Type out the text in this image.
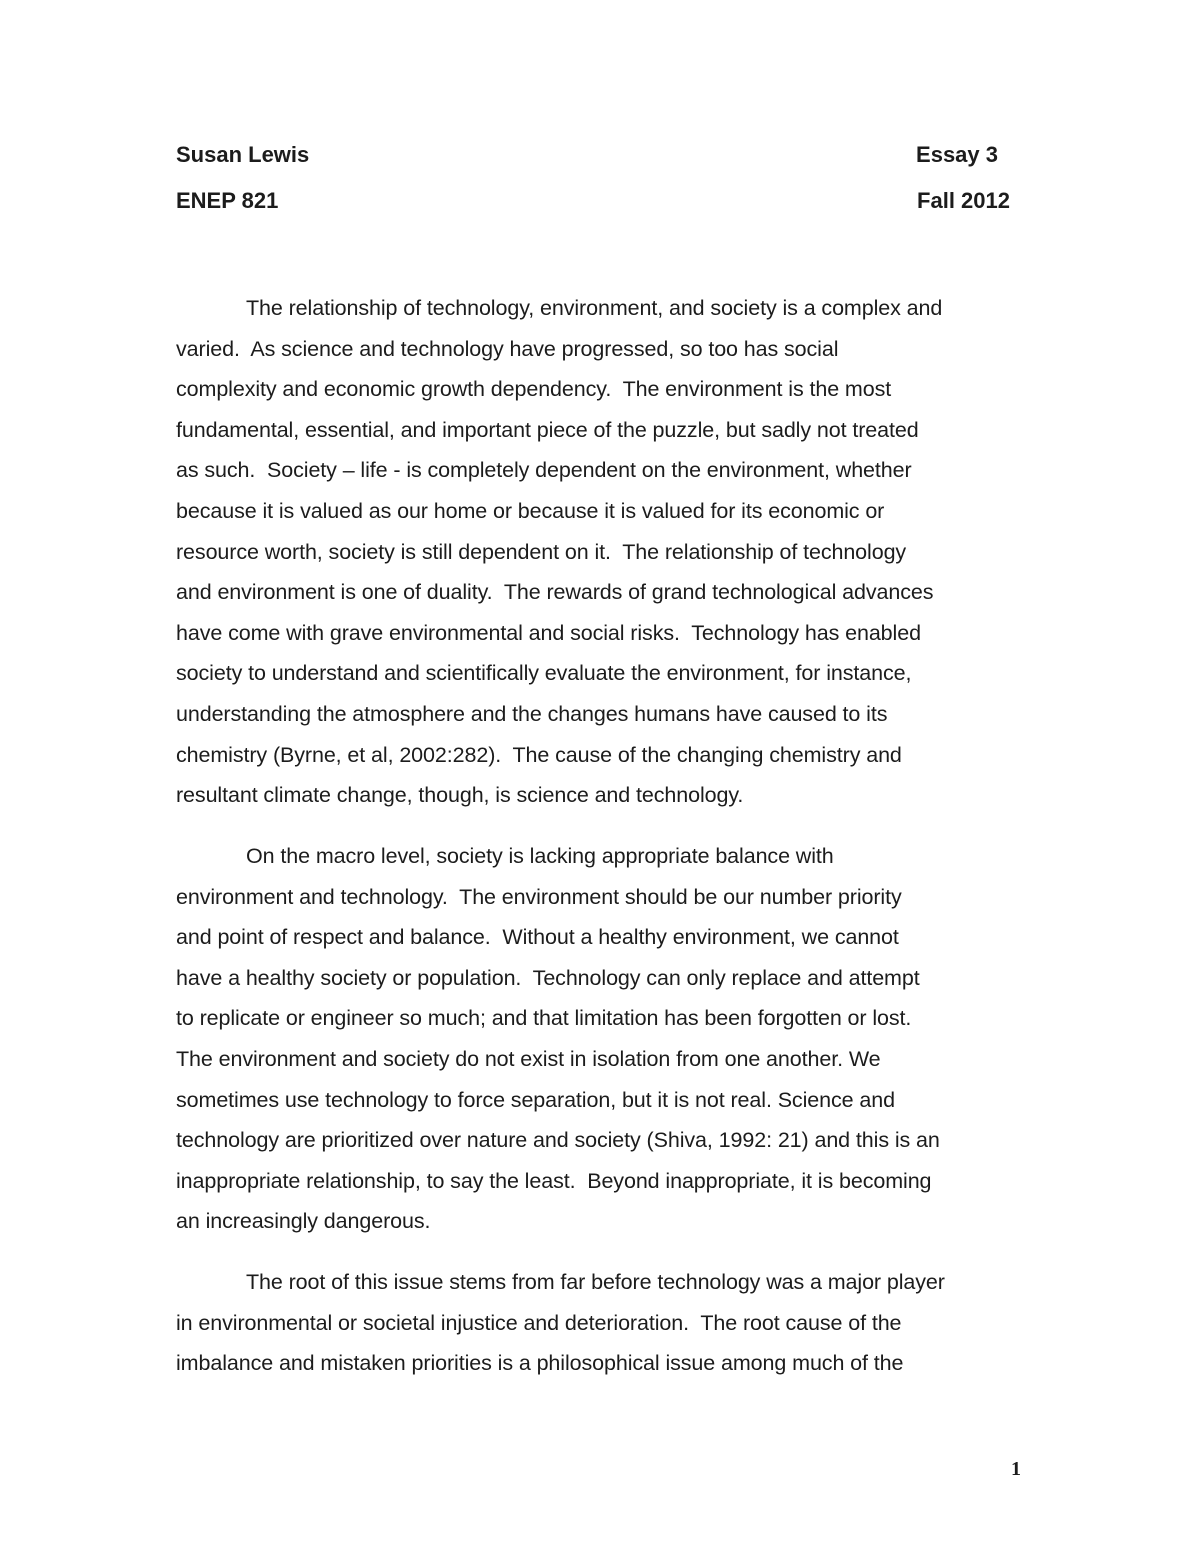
Susan Lewis	Essay 3
ENEP 821	Fall 2012
The relationship of technology, environment, and society is a complex and
varied.  As science and technology have progressed, so too has social
complexity and economic growth dependency.  The environment is the most
fundamental, essential, and important piece of the puzzle, but sadly not treated
as such.  Society – life - is completely dependent on the environment, whether
because it is valued as our home or because it is valued for its economic or
resource worth, society is still dependent on it.  The relationship of technology
and environment is one of duality.  The rewards of grand technological advances
have come with grave environmental and social risks.  Technology has enabled
society to understand and scientifically evaluate the environment, for instance,
understanding the atmosphere and the changes humans have caused to its
chemistry (Byrne, et al, 2002:282).  The cause of the changing chemistry and
resultant climate change, though, is science and technology.
On the macro level, society is lacking appropriate balance with
environment and technology.  The environment should be our number priority
and point of respect and balance.  Without a healthy environment, we cannot
have a healthy society or population.  Technology can only replace and attempt
to replicate or engineer so much; and that limitation has been forgotten or lost.
The environment and society do not exist in isolation from one another. We
sometimes use technology to force separation, but it is not real. Science and
technology are prioritized over nature and society (Shiva, 1992: 21) and this is an
inappropriate relationship, to say the least.  Beyond inappropriate, it is becoming
an increasingly dangerous.
The root of this issue stems from far before technology was a major player
in environmental or societal injustice and deterioration.  The root cause of the
imbalance and mistaken priorities is a philosophical issue among much of the
1
